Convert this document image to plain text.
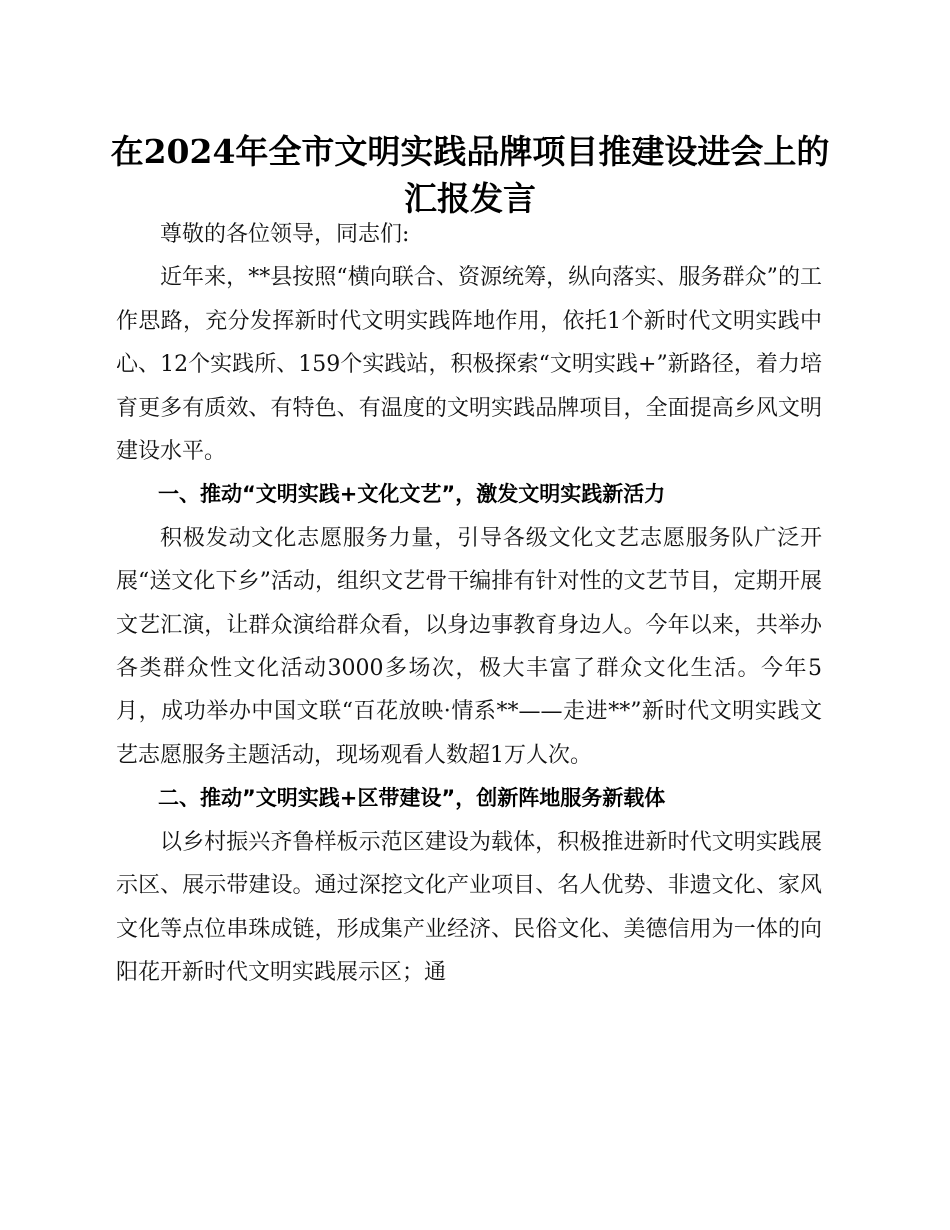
在2024年全市文明实践品牌项目推建设进会上的汇报发言

尊敬的各位领导，同志们:

近年来，**县按照“横向联合、资源统筹，纵向落实、服务群众”的工作思路，充分发挥新时代文明实践阵地作用，依托1个新时代文明实践中心、12个实践所、159个实践站，积极探索“文明实践+”新路径，着力培育更多有质效、有特色、有温度的文明实践品牌项目，全面提高乡风文明建设水平。

一、推动“文明实践+文化文艺”，激发文明实践新活力

积极发动文化志愿服务力量，引导各级文化文艺志愿服务队广泛开展“送文化下乡”活动，组织文艺骨干编排有针对性的文艺节目，定期开展文艺汇演，让群众演给群众看，以身边事教育身边人。今年以来，共举办各类群众性文化活动3000多场次，极大丰富了群众文化生活。今年5月，成功举办中国文联“百花放映·情系**——走进**”新时代文明实践文艺志愿服务主题活动，现场观看人数超1万人次。

二、推动”文明实践+区带建设”，创新阵地服务新载体

以乡村振兴齐鲁样板示范区建设为载体，积极推进新时代文明实践展示区、展示带建设。通过深挖文化产业项目、名人优势、非遗文化、家风文化等点位串珠成链，形成集产业经济、民俗文化、美德信用为一体的向阳花开新时代文明实践展示区；通
